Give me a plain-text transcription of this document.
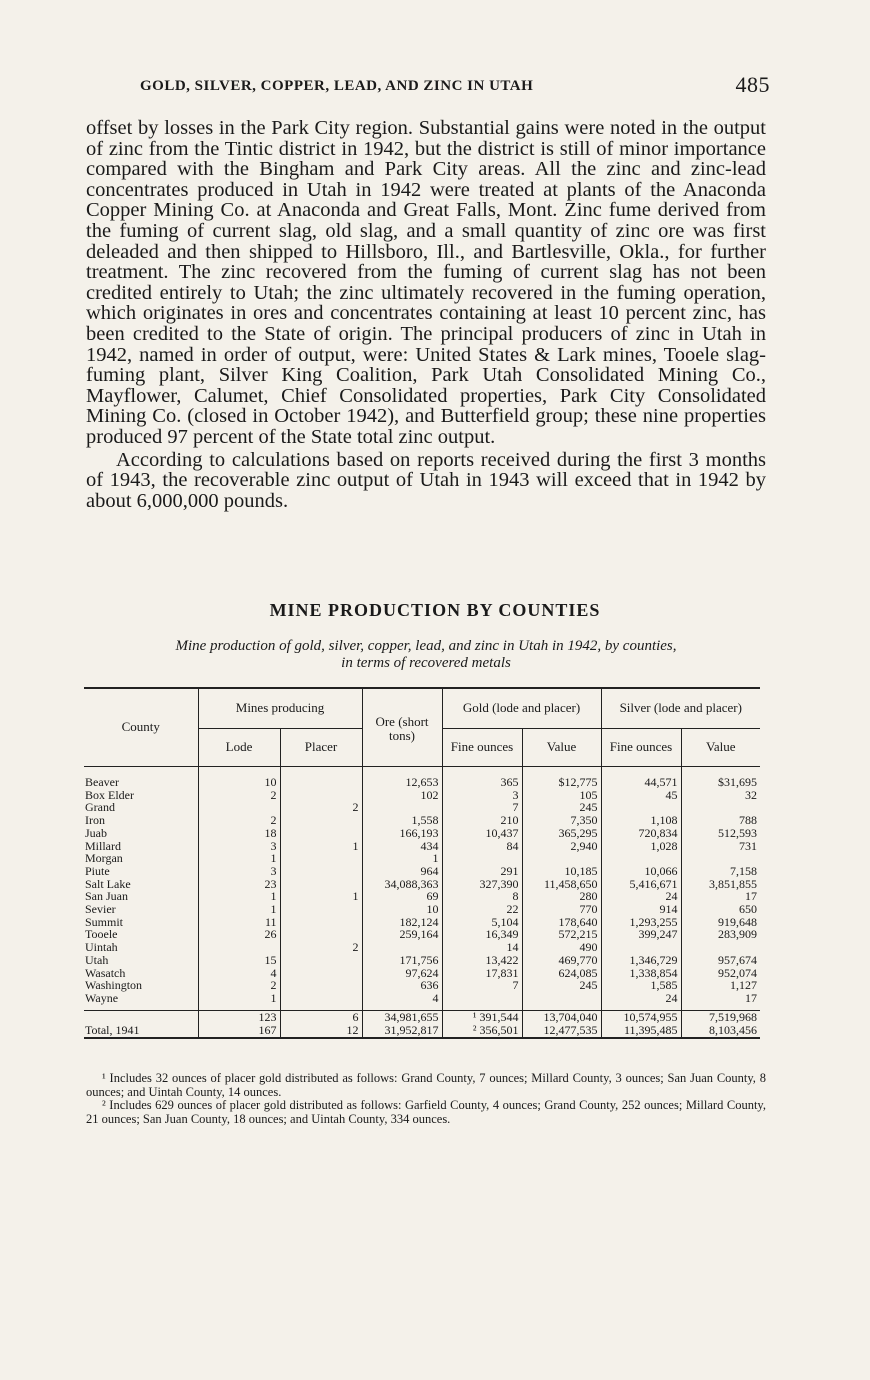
GOLD, SILVER, COPPER, LEAD, AND ZINC IN UTAH	485

offset by losses in the Park City region. Substantial gains were noted in the output of zinc from the Tintic district in 1942, but the district is still of minor importance compared with the Bingham and Park City areas. All the zinc and zinc-lead concentrates produced in Utah in 1942 were treated at plants of the Anaconda Copper Mining Co. at Anaconda and Great Falls, Mont. Zinc fume derived from the fuming of current slag, old slag, and a small quantity of zinc ore was first deleaded and then shipped to Hillsboro, Ill., and Bartlesville, Okla., for further treatment. The zinc recovered from the fuming of current slag has not been credited entirely to Utah; the zinc ultimately recovered in the fuming operation, which originates in ores and concentrates containing at least 10 percent zinc, has been credited to the State of origin. The principal producers of zinc in Utah in 1942, named in order of output, were: United States & Lark mines, Tooele slag-fuming plant, Silver King Coalition, Park Utah Consolidated Mining Co., Mayflower, Calumet, Chief Consolidated properties, Park City Consolidated Mining Co. (closed in October 1942), and Butterfield group; these nine properties produced 97 percent of the State total zinc output.

According to calculations based on reports received during the first 3 months of 1943, the recoverable zinc output of Utah in 1943 will exceed that in 1942 by about 6,000,000 pounds.

MINE PRODUCTION BY COUNTIES
Mine production of gold, silver, copper, lead, and zinc in Utah in 1942, by counties,
in terms of recovered metals
County	Mines producing		Ore (short tons)	Gold (lode and placer)		Silver (lode and placer)	
	Lode	Placer		Fine ounces	Value	Fine ounces	Value

Beaver	10		12,653	365	$12,775	44,571	$31,695
Box Elder	2		102	3	105	45	32
Grand		2		7	245		
Iron	2		1,558	210	7,350	1,108	788
Juab	18		166,193	10,437	365,295	720,834	512,593
Millard	3	1	434	84	2,940	1,028	731
Morgan	1		1				
Piute	3		964	291	10,185	10,066	7,158
Salt Lake	23		34,088,363	327,390	11,458,650	5,416,671	3,851,855
San Juan	1	1	69	8	280	24	17
Sevier	1		10	22	770	914	650
Summit	11		182,124	5,104	178,640	1,293,255	919,648
Tooele	26		259,164	16,349	572,215	399,247	283,909
Uintah		2		14	490		
Utah	15		171,756	13,422	469,770	1,346,729	957,674
Wasatch	4		97,624	17,831	624,085	1,338,854	952,074
Washington	2		636	7	245	1,585	1,127
Wayne	1		4			24	17

	123	6	34,981,655	¹ 391,544	13,704,040	10,574,955	7,519,968
Total, 1941	167	12	31,952,817	² 356,501	12,477,535	11,395,485	8,103,456

¹ Includes 32 ounces of placer gold distributed as follows: Grand County, 7 ounces; Millard County, 3 ounces; San Juan County, 8 ounces; and Uintah County, 14 ounces.

² Includes 629 ounces of placer gold distributed as follows: Garfield County, 4 ounces; Grand County, 252 ounces; Millard County, 21 ounces; San Juan County, 18 ounces; and Uintah County, 334 ounces.
